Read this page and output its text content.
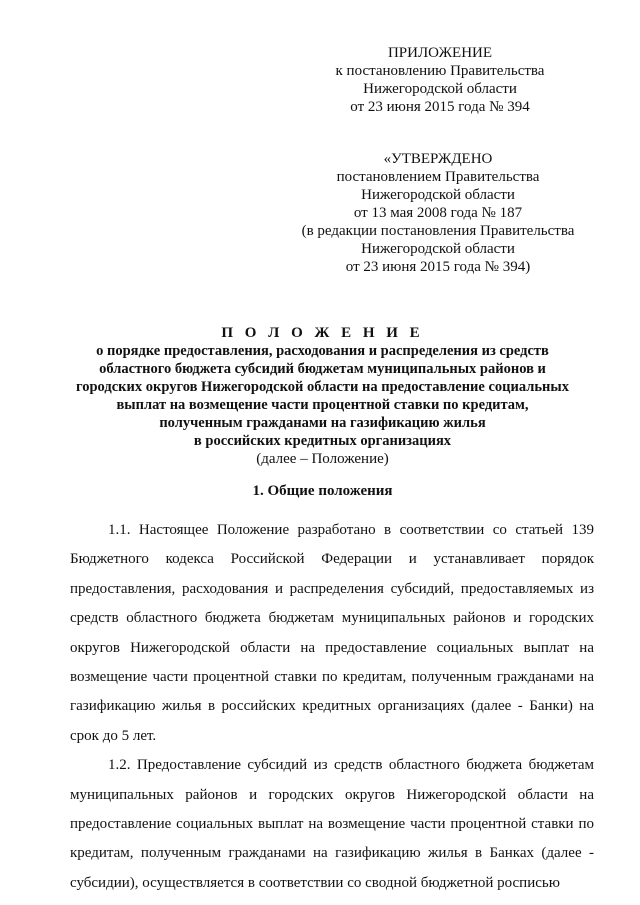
ПРИЛОЖЕНИЕ
к постановлению Правительства
Нижегородской области
от 23 июня 2015 года № 394
«УТВЕРЖДЕНО
постановлением Правительства
Нижегородской области
от 13 мая 2008 года № 187
(в редакции постановления Правительства
Нижегородской области
от 23 июня 2015 года № 394)
П О Л О Ж Е Н И Е
о порядке предоставления, расходования и распределения из средств
областного бюджета субсидий бюджетам муниципальных районов и
городских округов Нижегородской области на предоставление социальных
выплат на возмещение части процентной ставки по кредитам,
полученным гражданами на газификацию жилья
в российских кредитных организациях
(далее – Положение)
1. Общие положения

1.1. Настоящее Положение разработано в соответствии со статьей 139 Бюджетного кодекса Российской Федерации и устанавливает порядок предоставления, расходования и распределения субсидий, предоставляемых из средств областного бюджета бюджетам муниципальных районов и городских округов Нижегородской области на предоставление социальных выплат на возмещение части процентной ставки по кредитам, полученным гражданами на газификацию жилья в российских кредитных организациях (далее - Банки) на срок до 5 лет.

1.2. Предоставление субсидий из средств областного бюджета бюджетам муниципальных районов и городских округов Нижегородской области на предоставление социальных выплат на возмещение части процентной ставки по кредитам, полученным гражданами на газификацию жилья в Банках (далее - субсидии), осуществляется в соответствии со сводной бюджетной росписью
